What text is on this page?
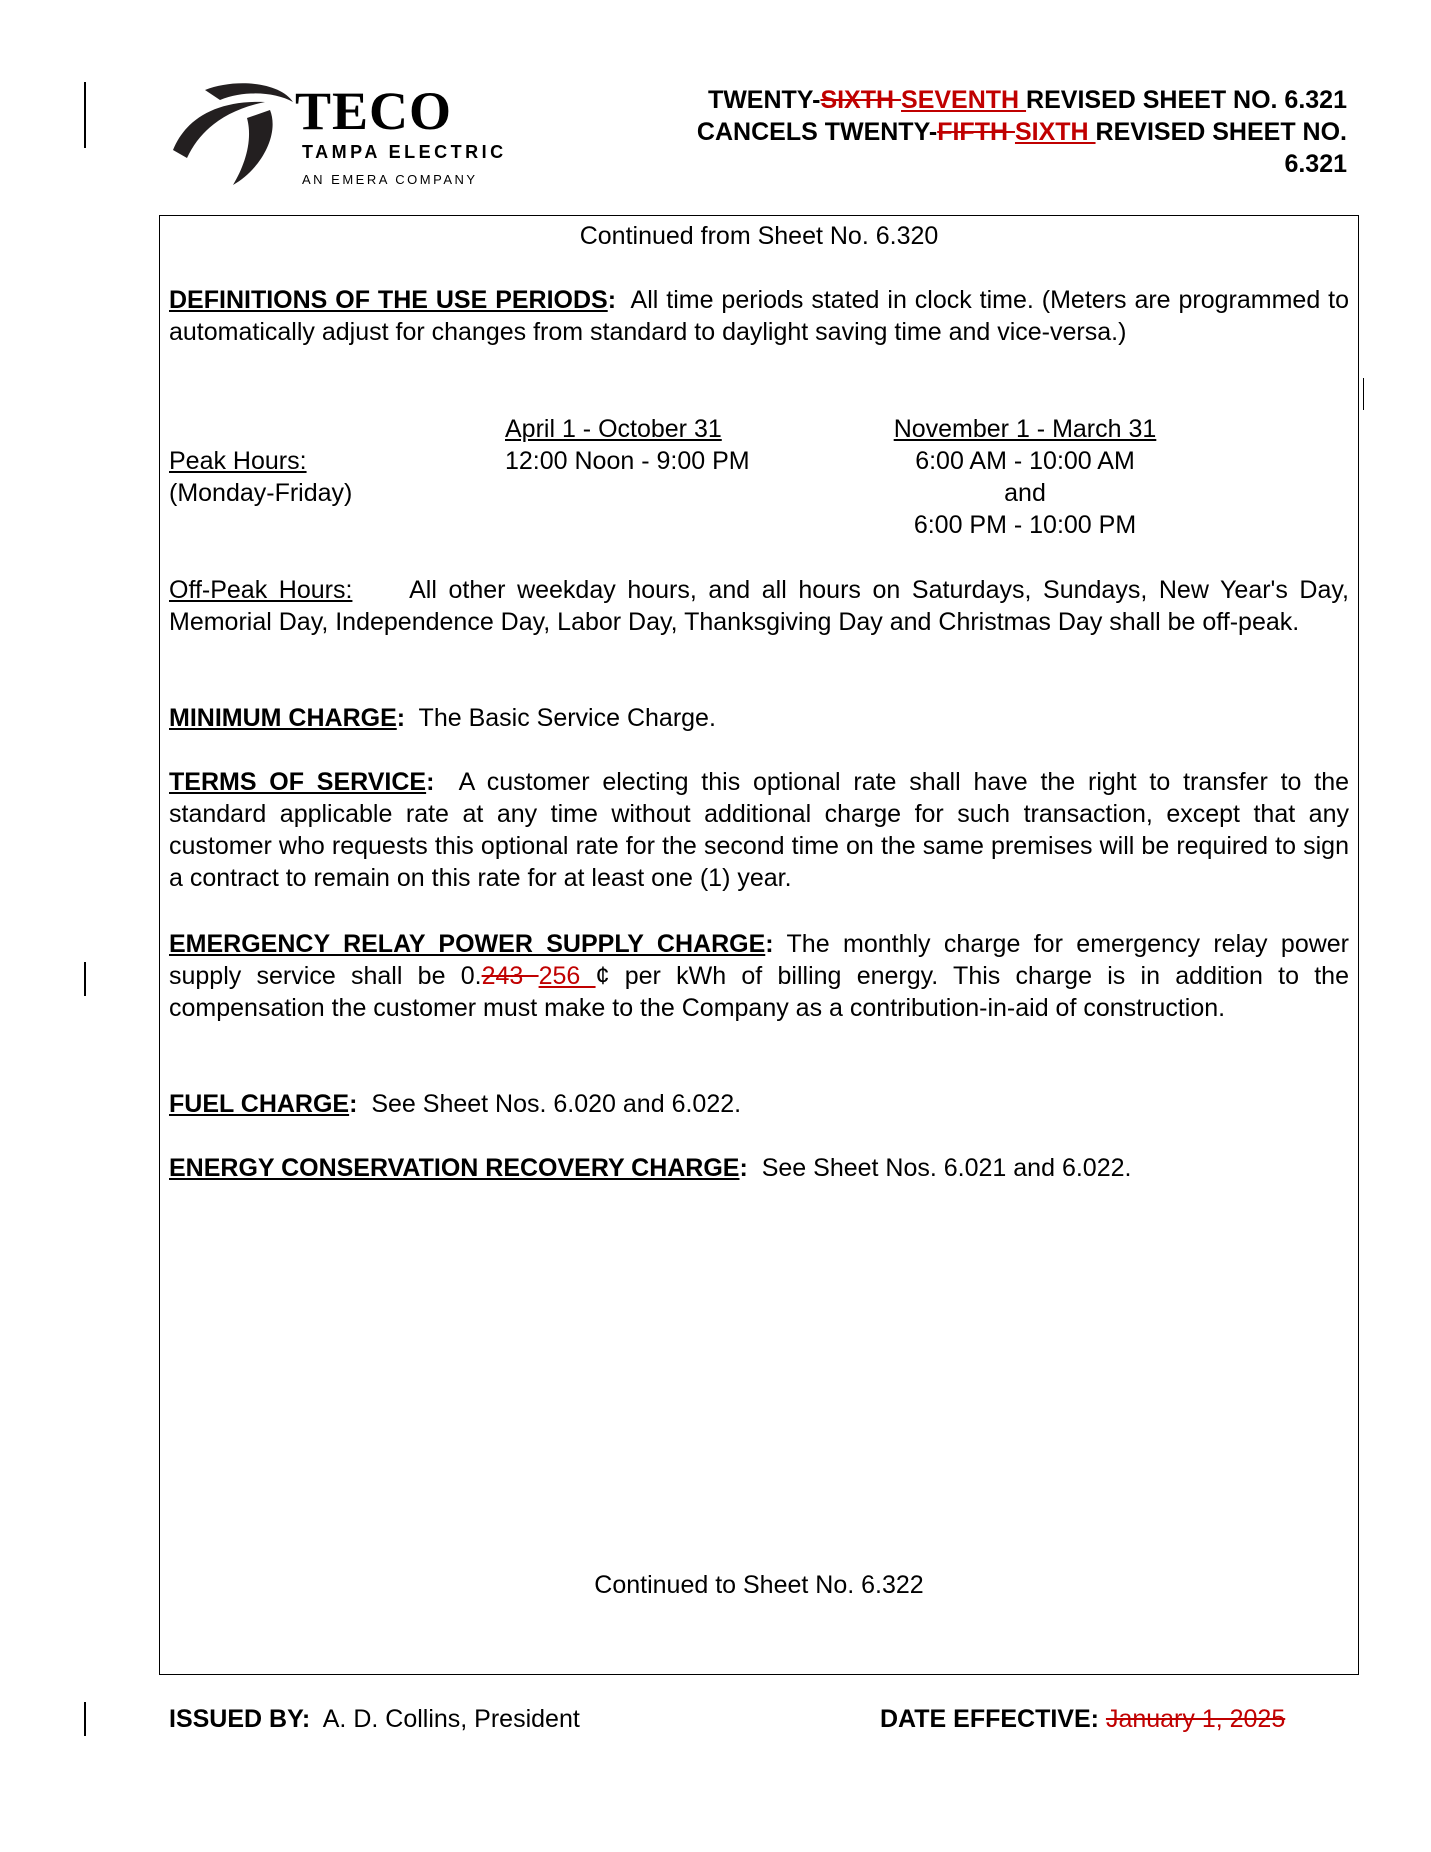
TECO
TAMPA ELECTRIC
AN EMERA COMPANY
TWENTY-SIXTH SEVENTH REVISED SHEET NO. 6.321
CANCELS TWENTY-FIFTH SIXTH REVISED SHEET NO.
6.321
Continued from Sheet No. 6.320
DEFINITIONS OF THE USE PERIODS: All time periods stated in clock time. (Meters are programmed to automatically adjust for changes from standard to daylight saving time and vice-versa.)
April 1 - October 31
12:00 Noon - 9:00 PM
November 1 - March 31
6:00 AM - 10:00 AM
and
6:00 PM - 10:00 PM
Peak Hours:
(Monday-Friday)
Off-Peak Hours: All other weekday hours, and all hours on Saturdays, Sundays, New Year's Day, Memorial Day, Independence Day, Labor Day, Thanksgiving Day and Christmas Day shall be off-peak.
MINIMUM CHARGE: The Basic Service Charge.
TERMS OF SERVICE: A customer electing this optional rate shall have the right to transfer to the standard applicable rate at any time without additional charge for such transaction, except that any customer who requests this optional rate for the second time on the same premises will be required to sign a contract to remain on this rate for at least one (1) year.
EMERGENCY RELAY POWER SUPPLY CHARGE: The monthly charge for emergency relay power supply service shall be 0.243 256 ¢ per kWh of billing energy. This charge is in addition to the compensation the customer must make to the Company as a contribution-in-aid of construction.
FUEL CHARGE: See Sheet Nos. 6.020 and 6.022.
ENERGY CONSERVATION RECOVERY CHARGE: See Sheet Nos. 6.021 and 6.022.
Continued to Sheet No. 6.322
ISSUED BY: A. D. Collins, President	DATE EFFECTIVE: January 1, 2025
